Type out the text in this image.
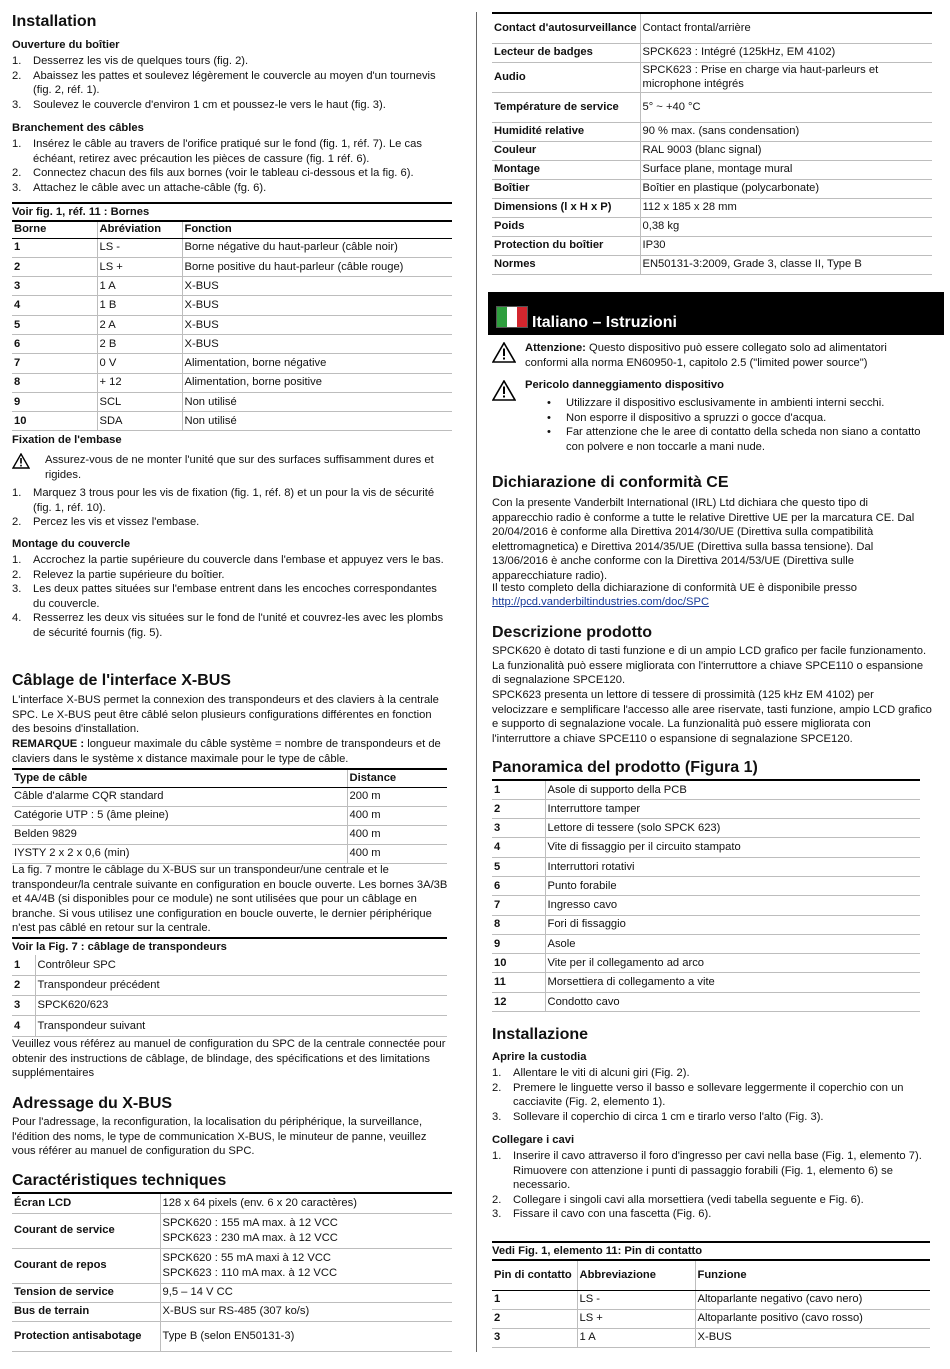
Installation
Ouverture du boîtier
1. Desserrez les vis de quelques tours (fig. 2).
2. Abaissez les pattes et soulevez légèrement le couvercle au moyen d'un tournevis (fig. 2, réf. 1).
3. Soulevez le couvercle d'environ 1 cm et poussez-le vers le haut (fig. 3).
Branchement des câbles
1. Insérez le câble au travers de l'orifice pratiqué sur le fond (fig. 1, réf. 7). Le cas échéant, retirez avec précaution les pièces de cassure (fig. 1 réf. 6).
2. Connectez chacun des fils aux bornes (voir le tableau ci-dessous et la fig. 6).
3. Attachez le câble avec un attache-câble (fg. 6).
Voir fig. 1, réf. 11 : Bornes
Borne	Abréviation	Fonction
1	LS -	Borne négative du haut-parleur (câble noir)
2	LS +	Borne positive du haut-parleur (câble rouge)
3	1 A	X-BUS
4	1 B	X-BUS
5	2 A	X-BUS
6	2 B	X-BUS
7	0 V	Alimentation, borne négative
8	+ 12	Alimentation, borne positive
9	SCL	Non utilisé
10	SDA	Non utilisé
Fixation de l'embase
Assurez-vous de ne monter l'unité que sur des surfaces suffisamment dures et rigides.
1. Marquez 3 trous pour les vis de fixation (fig. 1, réf. 8) et un pour la vis de sécurité (fig. 1, réf. 10).
2. Percez les vis et vissez l'embase.
Montage du couvercle
1. Accrochez la partie supérieure du couvercle dans l'embase et appuyez vers le bas.
2. Relevez la partie supérieure du boîtier.
3. Les deux pattes situées sur l'embase entrent dans les encoches correspondantes du couvercle.
4. Resserrez les deux vis situées sur le fond de l'unité et couvrez-les avec les plombs de sécurité fournis (fig. 5).
Câblage de l'interface X-BUS

L'interface X-BUS permet la connexion des transpondeurs et des claviers à la centrale SPC. Le X-BUS peut être câblé selon plusieurs configurations différentes en fonction des besoins d'installation.

REMARQUE : longueur maximale du câble système = nombre de transpondeurs et de claviers dans le système x distance maximale pour le type de câble.

Type de câble	Distance
Câble d'alarme CQR standard	200 m
Catégorie UTP : 5 (âme pleine)	400 m
Belden 9829	400 m
IYSTY 2 x 2 x 0,6 (min)	400 m

La fig. 7 montre le câblage du X-BUS sur un transpondeur/une centrale et le transpondeur/la centrale suivante en configuration en boucle ouverte. Les bornes 3A/3B et 4A/4B (si disponibles pour ce module) ne sont utilisées que pour un câblage en branche. Si vous utilisez une configuration en boucle ouverte, le dernier périphérique n'est pas câblé en retour sur la centrale.

Voir la Fig. 7 : câblage de transpondeurs
1	Contrôleur SPC
2	Transpondeur précédent
3	SPCK620/623
4	Transpondeur suivant

Veuillez vous référez au manuel de configuration du SPC de la centrale connectée pour obtenir des instructions de câblage, de blindage, des spécifications et des limitations supplémentaires

Adressage du X-BUS

Pour l'adressage, la reconfiguration, la localisation du périphérique, la surveillance, l'édition des noms, le type de communication X-BUS, le minuteur de panne, veuillez vous référer au manuel de configuration du SPC.

Caractéristiques techniques
Écran LCD	128 x 64 pixels (env. 6 x 20 caractères)

Courant de service	SPCK620 : 155 mA max. à 12 VCC
SPCK623 : 230 mA max. à 12 VCC

Courant de repos	SPCK620 : 55 mA maxi à 12 VCC
SPCK623 : 110 mA max. à 12 VCC

Tension de service	9,5 – 14 V CC

Bus de terrain	X-BUS sur RS-485 (307 ko/s)

Protection antisabotage	Type B (selon EN50131-3)
Contact d'autosurveillance	Contact frontal/arrière
Lecteur de badges	SPCK623 : Intégré (125kHz, EM 4102)
Audio	SPCK623 : Prise en charge via haut-parleurs et microphone intégrés
Température de service	5° ~ +40 °C
Humidité relative	90 % max. (sans condensation)
Couleur	RAL 9003 (blanc signal)
Montage	Surface plane, montage mural
Boîtier	Boîtier en plastique (polycarbonate)
Dimensions (l x H x P)	112 x 185 x 28 mm
Poids	0,38 kg
Protection du boîtier	IP30
Normes	EN50131-3:2009, Grade 3, classe II, Type B
Italiano – Istruzioni
Attenzione: Questo dispositivo può essere collegato solo ad alimentatori conformi alla norma EN60950-1, capitolo 2.5 ("limited power source")
Pericolo danneggiamento dispositivo
• Utilizzare il dispositivo esclusivamente in ambienti interni secchi.
• Non esporre il dispositivo a spruzzi o gocce d'acqua.
• Far attenzione che le aree di contatto della scheda non siano a contatto con polvere e non toccarle a mani nude.
Dichiarazione di conformità CE

Con la presente Vanderbilt International (IRL) Ltd dichiara che questo tipo di apparecchio radio è conforme a tutte le relative Direttive UE per la marcatura CE. Dal 20/04/2016 è conforme alla Direttiva 2014/30/UE (Direttiva sulla compatibilità elettromagnetica) e Direttiva 2014/35/UE (Direttiva sulla bassa tensione). Dal 13/06/2016 è anche conforme con la Direttiva 2014/53/UE (Direttiva sulle apparecchiature radio).

Il testo completo della dichiarazione di conformità UE è disponibile presso

http://pcd.vanderbiltindustries.com/doc/SPC
Descrizione prodotto

SPCK620 è dotato di tasti funzione e di un ampio LCD grafico per facile funzionamento. La funzionalità può essere migliorata con l'interruttore a chiave SPCE110 o espansione di segnalazione SPCE120.

SPCK623 presenta un lettore di tessere di prossimità (125 kHz EM 4102) per velocizzare e semplificare l'accesso alle aree riservate, tasti funzione, ampio LCD grafico e supporto di segnalazione vocale. La funzionalità può essere migliorata con l'interruttore a chiave SPCE110 o espansione di segnalazione SPCE120.

Panoramica del prodotto (Figura 1)
1	Asole di supporto della PCB
2	Interruttore tamper
3	Lettore di tessere (solo SPCK 623)
4	Vite di fissaggio per il circuito stampato
5	Interruttori rotativi
6	Punto forabile
7	Ingresso cavo
8	Fori di fissaggio
9	Asole
10	Vite per il collegamento ad arco
11	Morsettiera di collegamento a vite
12	Condotto cavo
Installazione
Aprire la custodia
1. Allentare le viti di alcuni giri (Fig. 2).
2. Premere le linguette verso il basso e sollevare leggermente il coperchio con un cacciavite (Fig. 2, elemento 1).
3. Sollevare il coperchio di circa 1 cm e tirarlo verso l'alto (Fig. 3).
Collegare i cavi
1. Inserire il cavo attraverso il foro d'ingresso per cavi nella base (Fig. 1, elemento 7).
Rimuovere con attenzione i punti di passaggio forabili (Fig. 1, elemento 6) se necessario.
2. Collegare i singoli cavi alla morsettiera (vedi tabella seguente e Fig. 6).
3. Fissare il cavo con una fascetta (Fig. 6).
Vedi Fig. 1, elemento 11: Pin di contatto
Pin di contatto	Abbreviazione	Funzione
1	LS -	Altoparlante negativo (cavo nero)
2	LS +	Altoparlante positivo (cavo rosso)
3	1 A	X-BUS
